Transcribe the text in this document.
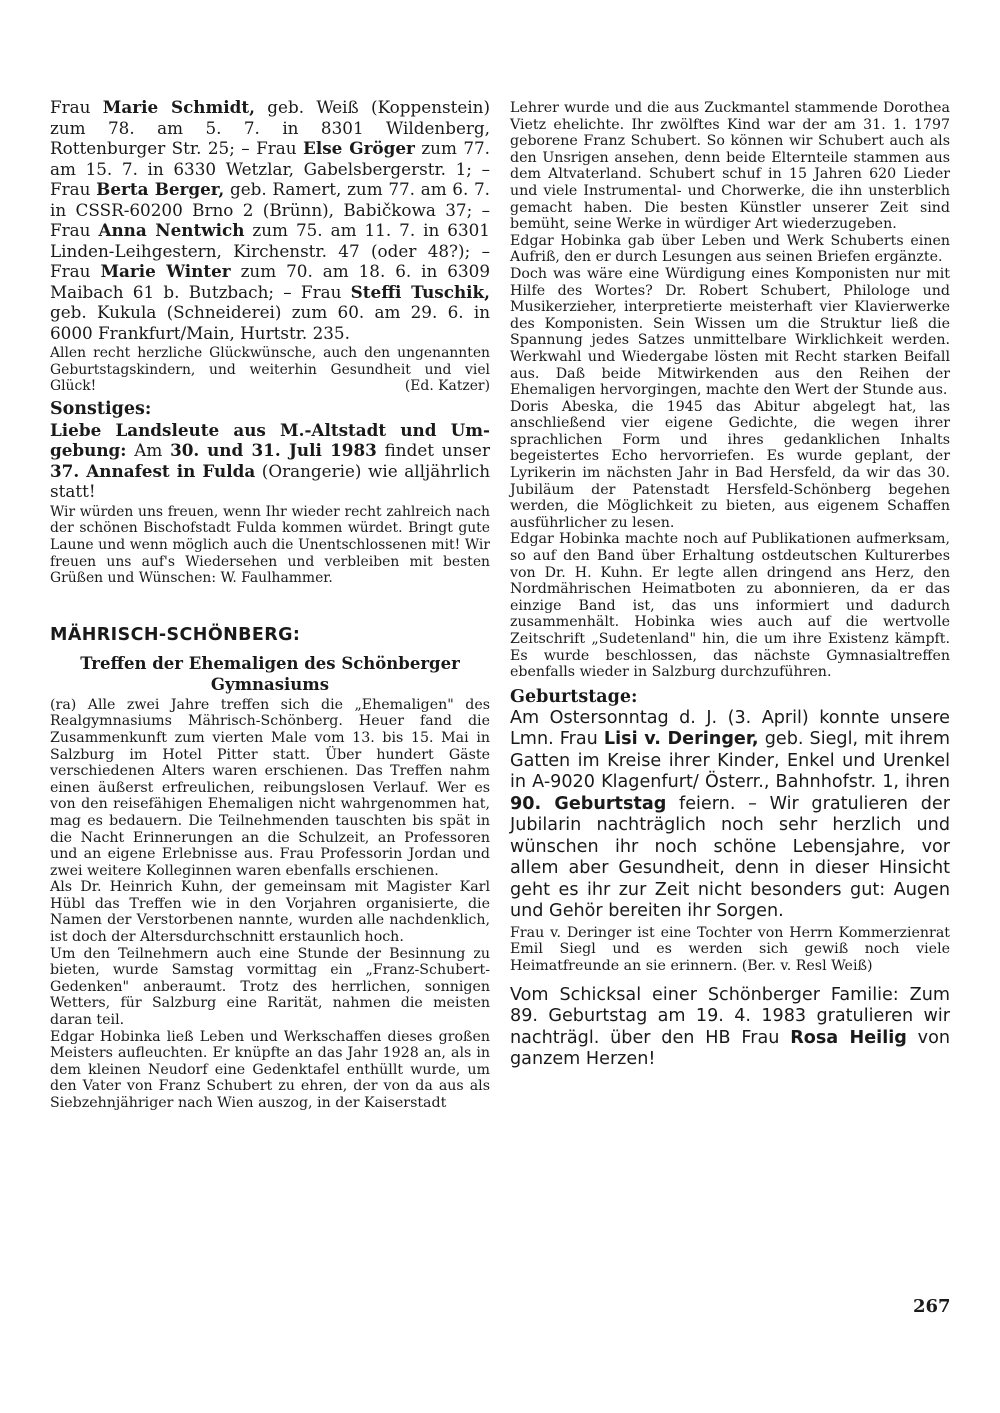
Frau Marie Schmidt, geb. Weiß (Koppenstein) zum 78. am 5. 7. in 8301 Wildenberg, Rottenburger Str. 25; – Frau Else Gröger zum 77. am 15. 7. in 6330 Wetzlar, Gabelsbergerstr. 1; – Frau Berta Berger, geb. Ramert, zum 77. am 6. 7. in CSSR-60200 Brno 2 (Brünn), Babičkowa 37; – Frau Anna Nentwich zum 75. am 11. 7. in 6301 Linden-Leihgestern, Kirchenstr. 47 (oder 48?); – Frau Marie Winter zum 70. am 18. 6. in 6309 Maibach 61 b. Butzbach; – Frau Steffi Tuschik, geb. Kukula (Schneiderei) zum 60. am 29. 6. in 6000 Frankfurt/Main, Hurtstr. 235.

Allen recht herzliche Glückwünsche, auch den ungenannten Geburtstagskindern, und weiterhin Gesundheit und viel Glück!	(Ed. Katzer)

Sonstiges:

Liebe Landsleute aus M.-Altstadt und Umgebung: Am 30. und 31. Juli 1983 findet unser 37. Annafest in Fulda (Orangerie) wie alljährlich statt!

Wir würden uns freuen, wenn Ihr wieder recht zahlreich nach der schönen Bischofstadt Fulda kommen würdet. Bringt gute Laune und wenn möglich auch die Unentschlossenen mit! Wir freuen uns auf's Wiedersehen und verbleiben mit besten Grüßen und Wünschen: W. Faulhammer.

MÄHRISCH-SCHÖNBERG:
Treffen der Ehemaligen des Schönberger Gymnasiums

(ra) Alle zwei Jahre treffen sich die „Ehemaligen" des Realgymnasiums Mährisch-Schönberg. Heuer fand die Zusammenkunft zum vierten Male vom 13. bis 15. Mai in Salzburg im Hotel Pitter statt. Über hundert Gäste verschiedenen Alters waren erschienen. Das Treffen nahm einen äußerst erfreulichen, reibungslosen Verlauf. Wer es von den reisefähigen Ehemaligen nicht wahrgenommen hat, mag es bedauern. Die Teilnehmenden tauschten bis spät in die Nacht Erinnerungen an die Schulzeit, an Professoren und an eigene Erlebnisse aus. Frau Professorin Jordan und zwei weitere Kolleginnen waren ebenfalls erschienen.

Als Dr. Heinrich Kuhn, der gemeinsam mit Magister Karl Hübl das Treffen wie in den Vorjahren organisierte, die Namen der Verstorbenen nannte, wurden alle nachdenklich, ist doch der Altersdurchschnitt erstaunlich hoch.

Um den Teilnehmern auch eine Stunde der Besinnung zu bieten, wurde Samstag vormittag ein „Franz-Schubert-Gedenken" anberaumt. Trotz des herrlichen, sonnigen Wetters, für Salzburg eine Rarität, nahmen die meisten daran teil.

Edgar Hobinka ließ Leben und Werkschaffen dieses großen Meisters aufleuchten. Er knüpfte an das Jahr 1928 an, als in dem kleinen Neudorf eine Gedenktafel enthüllt wurde, um den Vater von Franz Schubert zu ehren, der von da aus als Siebzehnjähriger nach Wien auszog, in der Kaiserstadt

Lehrer wurde und die aus Zuckmantel stammende Dorothea Vietz ehelichte. Ihr zwölftes Kind war der am 31. 1. 1797 geborene Franz Schubert. So können wir Schubert auch als den Unsrigen ansehen, denn beide Elternteile stammen aus dem Altvaterland. Schubert schuf in 15 Jahren 620 Lieder und viele Instrumental- und Chorwerke, die ihn unsterblich gemacht haben. Die besten Künstler unserer Zeit sind bemüht, seine Werke in würdiger Art wiederzugeben.

Edgar Hobinka gab über Leben und Werk Schuberts einen Aufriß, den er durch Lesungen aus seinen Briefen ergänzte.

Doch was wäre eine Würdigung eines Komponisten nur mit Hilfe des Wortes? Dr. Robert Schubert, Philologe und Musikerzieher, interpretierte meisterhaft vier Klavierwerke des Komponisten. Sein Wissen um die Struktur ließ die Spannung jedes Satzes unmittelbare Wirklichkeit werden. Werkwahl und Wiedergabe lösten mit Recht starken Beifall aus. Daß beide Mitwirkenden aus den Reihen der Ehemaligen hervorgingen, machte den Wert der Stunde aus.

Doris Abeska, die 1945 das Abitur abgelegt hat, las anschließend vier eigene Gedichte, die wegen ihrer sprachlichen Form und ihres gedanklichen Inhalts begeistertes Echo hervorriefen. Es wurde geplant, der Lyrikerin im nächsten Jahr in Bad Hersfeld, da wir das 30. Jubiläum der Patenstadt Hersfeld-Schönberg begehen werden, die Möglichkeit zu bieten, aus eigenem Schaffen ausführlicher zu lesen.

Edgar Hobinka machte noch auf Publikationen aufmerksam, so auf den Band über Erhaltung ostdeutschen Kulturerbes von Dr. H. Kuhn. Er legte allen dringend ans Herz, den Nordmährischen Heimatboten zu abonnieren, da er das einzige Band ist, das uns informiert und dadurch zusammenhält. Hobinka wies auch auf die wertvolle Zeitschrift „Sudetenland" hin, die um ihre Existenz kämpft. Es wurde beschlossen, das nächste Gymnasialtreffen ebenfalls wieder in Salzburg durchzuführen.

Geburtstage:

Am Ostersonntag d. J. (3. April) konnte unsere Lmn. Frau Lisi v. Deringer, geb. Siegl, mit ihrem Gatten im Kreise ihrer Kinder, Enkel und Urenkel in A-9020 Klagenfurt/ Österr., Bahnhofstr. 1, ihren 90. Geburtstag feiern. – Wir gratulieren der Jubilarin nachträglich noch sehr herzlich und wünschen ihr noch schöne Lebensjahre, vor allem aber Gesundheit, denn in dieser Hinsicht geht es ihr zur Zeit nicht besonders gut: Augen und Gehör bereiten ihr Sorgen.

Frau v. Deringer ist eine Tochter von Herrn Kommerzienrat Emil Siegl und es werden sich gewiß noch viele Heimatfreunde an sie erinnern. (Ber. v. Resl Weiß)

Vom Schicksal einer Schönberger Familie: Zum 89. Geburtstag am 19. 4. 1983 gratulieren wir nachträgl. über den HB Frau Rosa Heilig von ganzem Herzen!

267
